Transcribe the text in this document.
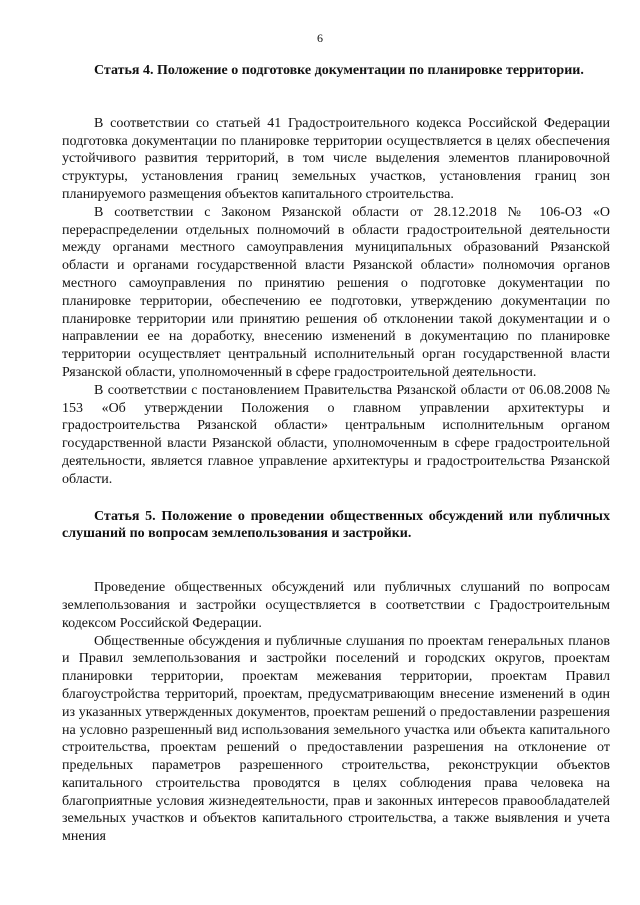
6
Статья 4. Положение о подготовке документации по планировке территории.

В соответствии со статьей 41 Градостроительного кодекса Российской Федерации подготовка документации по планировке территории осуществляется в целях обеспечения устойчивого развития территорий, в том числе выделения элементов планировочной структуры, установления границ земельных участков, установления границ зон планируемого размещения объектов капитального строительства.

В соответствии с Законом Рязанской области от 28.12.2018 № 106-ОЗ «О перераспределении отдельных полномочий в области градостроительной деятельности между органами местного самоуправления муниципальных образований Рязанской области и органами государственной власти Рязанской области» полномочия органов местного самоуправления по принятию решения о подготовке документации по планировке территории, обеспечению ее подготовки, утверждению документации по планировке территории или принятию решения об отклонении такой документации и о направлении ее на доработку, внесению изменений в документацию по планировке территории осуществляет центральный исполнительный орган государственной власти Рязанской области, уполномоченный в сфере градостроительной деятельности.

В соответствии с постановлением Правительства Рязанской области от 06.08.2008 № 153 «Об утверждении Положения о главном управлении архитектуры и градостроительства Рязанской области» центральным исполнительным органом государственной власти Рязанской области, уполномоченным в сфере градостроительной деятельности, является главное управление архитектуры и градостроительства Рязанской области.

Статья 5. Положение о проведении общественных обсуждений или публичных слушаний по вопросам землепользования и застройки.

Проведение общественных обсуждений или публичных слушаний по вопросам землепользования и застройки осуществляется в соответствии с Градостроительным кодексом Российской Федерации.

Общественные обсуждения и публичные слушания по проектам генеральных планов и Правил землепользования и застройки поселений и городских округов, проектам планировки территории, проектам межевания территории, проектам Правил благоустройства территорий, проектам, предусматривающим внесение изменений в один из указанных утвержденных документов, проектам решений о предоставлении разрешения на условно разрешенный вид использования земельного участка или объекта капитального строительства, проектам решений о предоставлении разрешения на отклонение от предельных параметров разрешенного строительства, реконструкции объектов капитального строительства проводятся в целях соблюдения права человека на благоприятные условия жизнедеятельности, прав и законных интересов правообладателей земельных участков и объектов капитального строительства, а также выявления и учета мнения
